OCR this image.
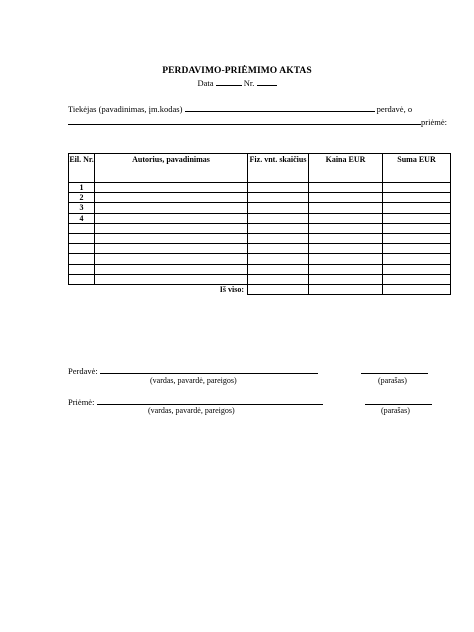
PERDAVIMO-PRIĖMIMO AKTAS
Data	Nr.
Tiekėjas (pavadinimas, įm.kodas)	perdavė, o
priėmė:
Eil. Nr.	Autorius, pavadinimas	Fiz. vnt. skaičius	Kaina EUR	Suma EUR
1				
2				
3				
4				

Iš viso:				
Perdavė:
(vardas, pavardė, pareigos)	(parašas)
Priėmė:
(vardas, pavardė, pareigos)	(parašas)
